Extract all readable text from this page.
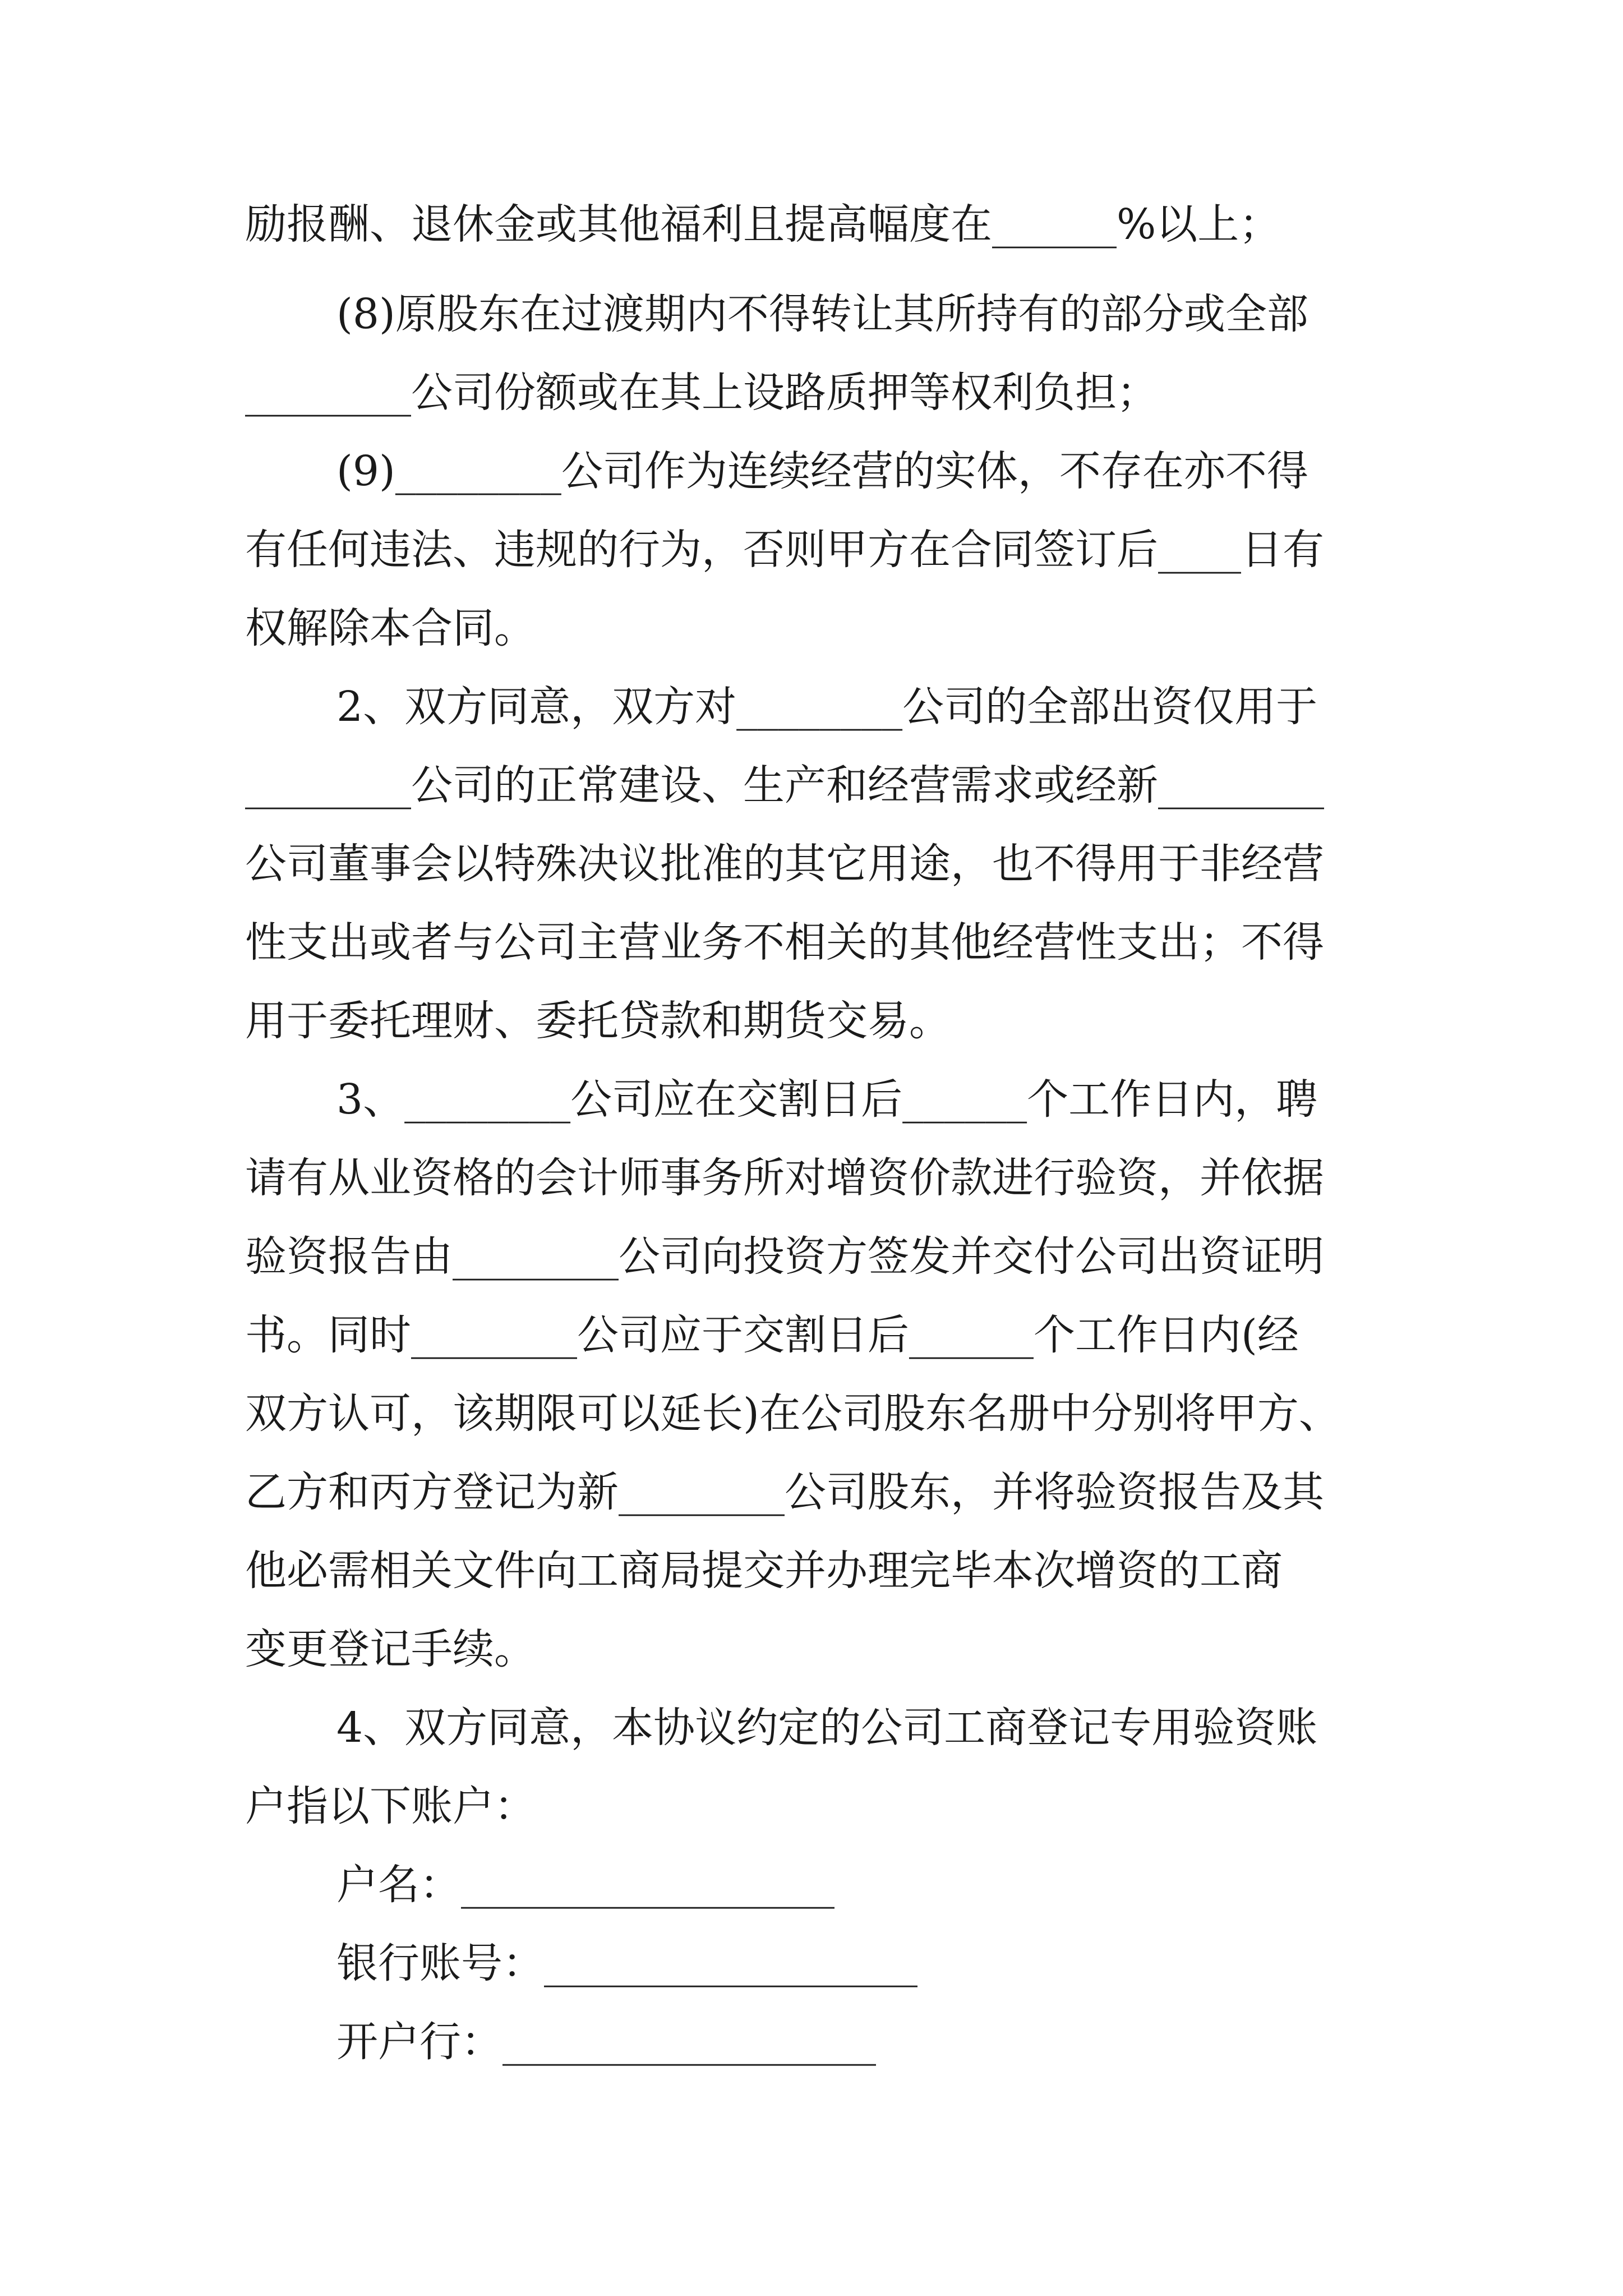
励报酬、退休金或其他福利且提高幅度在______%以上；

(8)原股东在过渡期内不得转让其所持有的部分或全部

________公司份额或在其上设路质押等权利负担；

(9)________公司作为连续经营的实体，不存在亦不得

有任何违法、违规的行为，否则甲方在合同签订后____日有

权解除本合同。

2、双方同意，双方对________公司的全部出资仅用于

________公司的正常建设、生产和经营需求或经新________

公司董事会以特殊决议批准的其它用途，也不得用于非经营

性支出或者与公司主营业务不相关的其他经营性支出；不得

用于委托理财、委托贷款和期货交易。

3、________公司应在交割日后______个工作日内，聘

请有从业资格的会计师事务所对增资价款进行验资，并依据

验资报告由________公司向投资方签发并交付公司出资证明

书。同时________公司应于交割日后______个工作日内(经

双方认可，该期限可以延长)在公司股东名册中分别将甲方、

乙方和丙方登记为新________公司股东，并将验资报告及其

他必需相关文件向工商局提交并办理完毕本次增资的工商

变更登记手续。

4、双方同意，本协议约定的公司工商登记专用验资账

户指以下账户：

户名：__________________

银行账号：__________________

开户行：__________________
